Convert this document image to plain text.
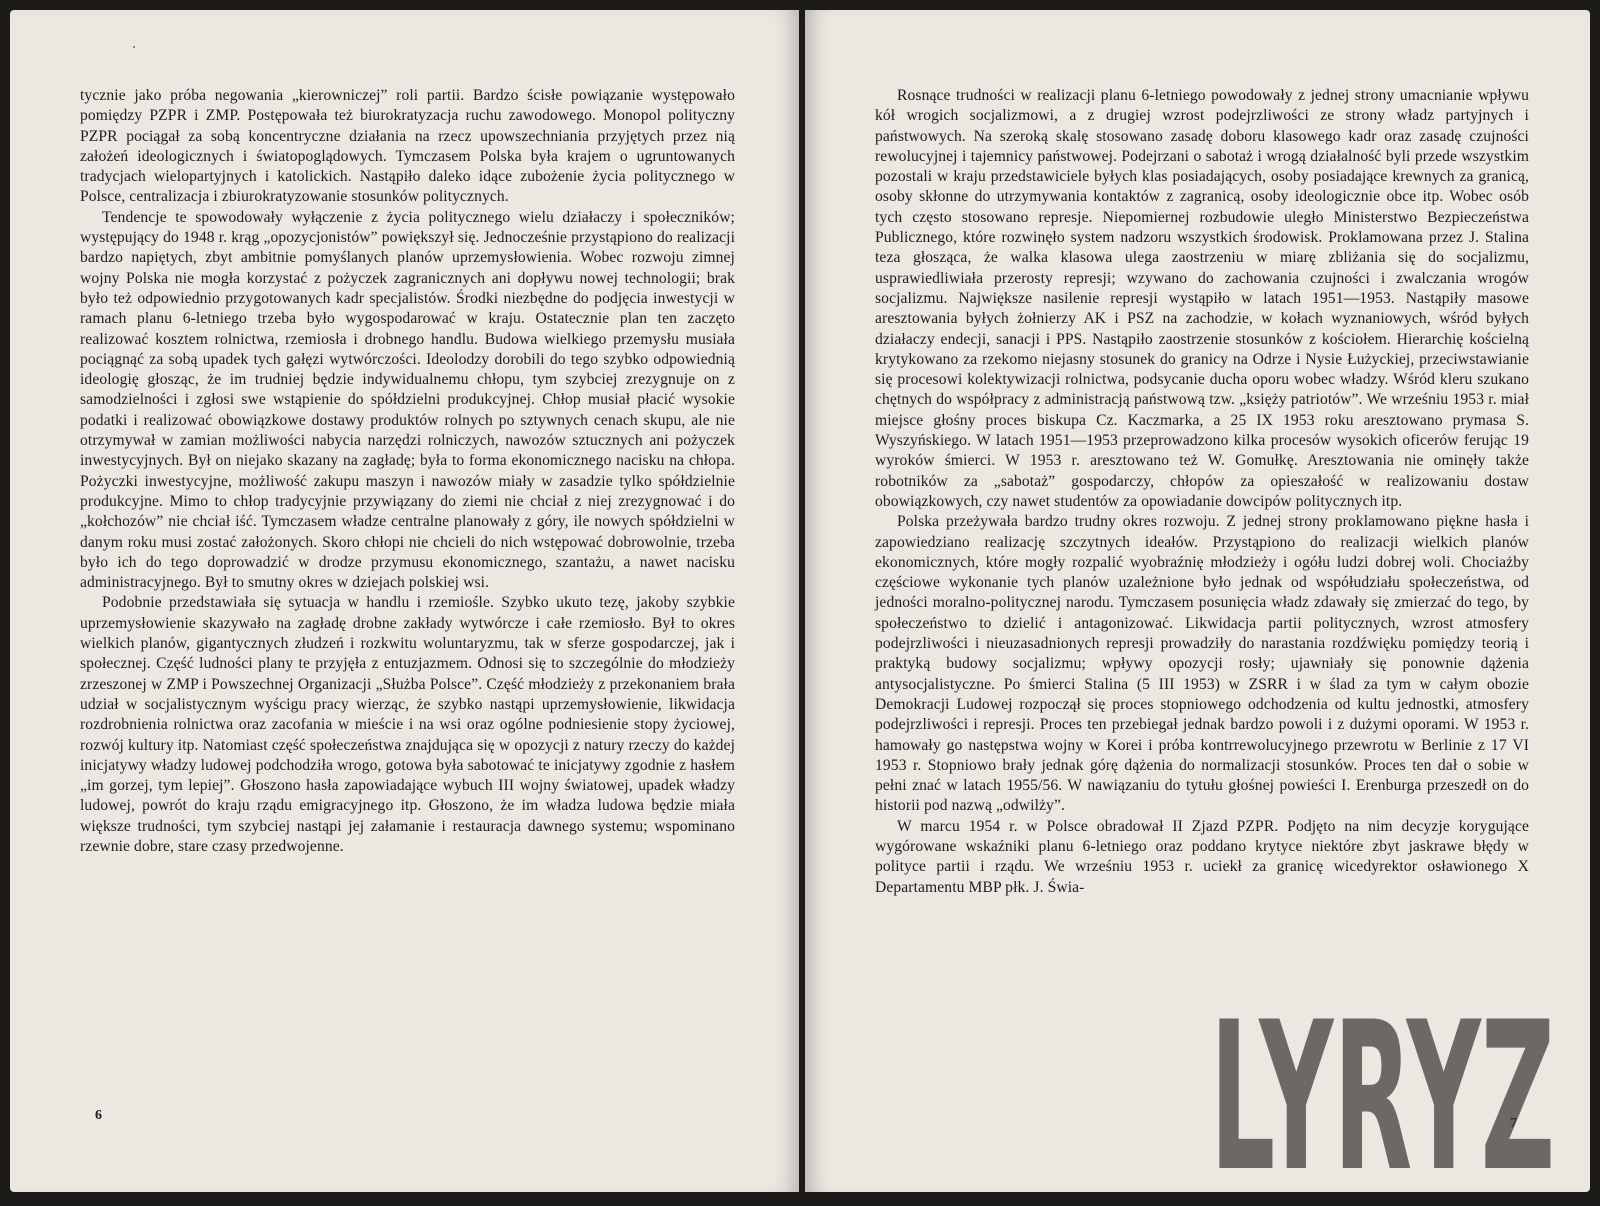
tycznie jako próba negowania „kierowniczej” roli partii. Bardzo ścisłe powiązanie występowało pomiędzy PZPR i ZMP. Postępowała też biurokratyzacja ruchu zawodowego. Monopol polityczny PZPR pociągał za sobą koncentryczne działania na rzecz upowszechniania przyjętych przez nią założeń ideologicznych i światopoglądowych. Tymczasem Polska była krajem o ugruntowanych tradycjach wielopartyjnych i katolickich. Nastąpiło daleko idące zubożenie życia politycznego w Polsce, centralizacja i zbiurokratyzowanie stosunków politycznych.

Tendencje te spowodowały wyłączenie z życia politycznego wielu działaczy i społeczników; występujący do 1948 r. krąg „opozycjonistów” powiększył się. Jednocześnie przystąpiono do realizacji bardzo napiętych, zbyt ambitnie pomyślanych planów uprzemysłowienia. Wobec rozwoju zimnej wojny Polska nie mogła korzystać z pożyczek zagranicznych ani dopływu nowej technologii; brak było też odpowiednio przygotowanych kadr specjalistów. Środki niezbędne do podjęcia inwestycji w ramach planu 6-letniego trzeba było wygospodarować w kraju. Ostatecznie plan ten zaczęto realizować kosztem rolnictwa, rzemiosła i drobnego handlu. Budowa wielkiego przemysłu musiała pociągnąć za sobą upadek tych gałęzi wytwórczości. Ideolodzy dorobili do tego szybko odpowiednią ideologię głosząc, że im trudniej będzie indywidualnemu chłopu, tym szybciej zrezygnuje on z samodzielności i zgłosi swe wstąpienie do spółdzielni produkcyjnej. Chłop musiał płacić wysokie podatki i realizować obowiązkowe dostawy produktów rolnych po sztywnych cenach skupu, ale nie otrzymywał w zamian możliwości nabycia narzędzi rolniczych, nawozów sztucznych ani pożyczek inwestycyjnych. Był on niejako skazany na zagładę; była to forma ekonomicznego nacisku na chłopa. Pożyczki inwestycyjne, możliwość zakupu maszyn i nawozów miały w zasadzie tylko spółdzielnie produkcyjne. Mimo to chłop tradycyjnie przywiązany do ziemi nie chciał z niej zrezygnować i do „kołchozów” nie chciał iść. Tymczasem władze centralne planowały z góry, ile nowych spółdzielni w danym roku musi zostać założonych. Skoro chłopi nie chcieli do nich wstępować dobrowolnie, trzeba było ich do tego doprowadzić w drodze przymusu ekonomicznego, szantażu, a nawet nacisku administracyjnego. Był to smutny okres w dziejach polskiej wsi.

Podobnie przedstawiała się sytuacja w handlu i rzemiośle. Szybko ukuto tezę, jakoby szybkie uprzemysłowienie skazywało na zagładę drobne zakłady wytwórcze i całe rzemiosło. Był to okres wielkich planów, gigantycznych złudzeń i rozkwitu woluntaryzmu, tak w sferze gospodarczej, jak i społecznej. Część ludności plany te przyjęła z entuzjazmem. Odnosi się to szczególnie do młodzieży zrzeszonej w ZMP i Powszechnej Organizacji „Służba Polsce”. Część młodzieży z przekonaniem brała udział w socjalistycznym wyścigu pracy wierząc, że szybko nastąpi uprzemysłowienie, likwidacja rozdrobnienia rolnictwa oraz zacofania w mieście i na wsi oraz ogólne podniesienie stopy życiowej, rozwój kultury itp. Natomiast część społeczeństwa znajdująca się w opozycji z natury rzeczy do każdej inicjatywy władzy ludowej podchodziła wrogo, gotowa była sabotować te inicjatywy zgodnie z hasłem „im gorzej, tym lepiej”. Głoszono hasła zapowiadające wybuch III wojny światowej, upadek władzy ludowej, powrót do kraju rządu emigracyjnego itp. Głoszono, że im władza ludowa będzie miała większe trudności, tym szybciej nastąpi jej załamanie i restauracja dawnego systemu; wspominano rzewnie dobre, stare czasy przedwojenne.

6

Rosnące trudności w realizacji planu 6-letniego powodowały z jednej strony umacnianie wpływu kół wrogich socjalizmowi, a z drugiej wzrost podejrzliwości ze strony władz partyjnych i państwowych. Na szeroką skalę stosowano zasadę doboru klasowego kadr oraz zasadę czujności rewolucyjnej i tajemnicy państwowej. Podejrzani o sabotaż i wrogą działalność byli przede wszystkim pozostali w kraju przedstawiciele byłych klas posiadających, osoby posiadające krewnych za granicą, osoby skłonne do utrzymywania kontaktów z zagranicą, osoby ideologicznie obce itp. Wobec osób tych często stosowano represje. Niepomiernej rozbudowie uległo Ministerstwo Bezpieczeństwa Publicznego, które rozwinęło system nadzoru wszystkich środowisk. Proklamowana przez J. Stalina teza głosząca, że walka klasowa ulega zaostrzeniu w miarę zbliżania się do socjalizmu, usprawiedliwiała przerosty represji; wzywano do zachowania czujności i zwalczania wrogów socjalizmu. Największe nasilenie represji wystąpiło w latach 1951—1953. Nastąpiły masowe aresztowania byłych żołnierzy AK i PSZ na zachodzie, w kołach wyznaniowych, wśród byłych działaczy endecji, sanacji i PPS. Nastąpiło zaostrzenie stosunków z kościołem. Hierarchię kościelną krytykowano za rzekomo niejasny stosunek do granicy na Odrze i Nysie Łużyckiej, przeciwstawianie się procesowi kolektywizacji rolnictwa, podsycanie ducha oporu wobec władzy. Wśród kleru szukano chętnych do współpracy z administracją państwową tzw. „księży patriotów”. We wrześniu 1953 r. miał miejsce głośny proces biskupa Cz. Kaczmarka, a 25 IX 1953 roku aresztowano prymasa S. Wyszyńskiego. W latach 1951—1953 przeprowadzono kilka procesów wysokich oficerów ferując 19 wyroków śmierci. W 1953 r. aresztowano też W. Gomułkę. Aresztowania nie ominęły także robotników za „sabotaż” gospodarczy, chłopów za opieszałość w realizowaniu dostaw obowiązkowych, czy nawet studentów za opowiadanie dowcipów politycznych itp.

Polska przeżywała bardzo trudny okres rozwoju. Z jednej strony proklamowano piękne hasła i zapowiedziano realizację szczytnych ideałów. Przystąpiono do realizacji wielkich planów ekonomicznych, które mogły rozpalić wyobraźnię młodzieży i ogółu ludzi dobrej woli. Chociażby częściowe wykonanie tych planów uzależnione było jednak od współudziału społeczeństwa, od jedności moralno-politycznej narodu. Tymczasem posunięcia władz zdawały się zmierzać do tego, by społeczeństwo to dzielić i antagonizować. Likwidacja partii politycznych, wzrost atmosfery podejrzliwości i nieuzasadnionych represji prowadziły do narastania rozdźwięku pomiędzy teorią i praktyką budowy socjalizmu; wpływy opozycji rosły; ujawniały się ponownie dążenia antysocjalistyczne. Po śmierci Stalina (5 III 1953) w ZSRR i w ślad za tym w całym obozie Demokracji Ludowej rozpoczął się proces stopniowego odchodzenia od kultu jednostki, atmosfery podejrzliwości i represji. Proces ten przebiegał jednak bardzo powoli i z dużymi oporami. W 1953 r. hamowały go następstwa wojny w Korei i próba kontrrewolucyjnego przewrotu w Berlinie z 17 VI 1953 r. Stopniowo brały jednak górę dążenia do normalizacji stosunków. Proces ten dał o sobie w pełni znać w latach 1955/56. W nawiązaniu do tytułu głośnej powieści I. Erenburga przeszedł on do historii pod nazwą „odwilży”.

W marcu 1954 r. w Polsce obradował II Zjazd PZPR. Podjęto na nim decyzje korygujące wygórowane wskaźniki planu 6-letniego oraz poddano krytyce niektóre zbyt jaskrawe błędy w polityce partii i rządu. We wrześniu 1953 r. uciekł za granicę wicedyrektor osławionego X Departamentu MBP płk. J. Świa-

7
LYRYZ
